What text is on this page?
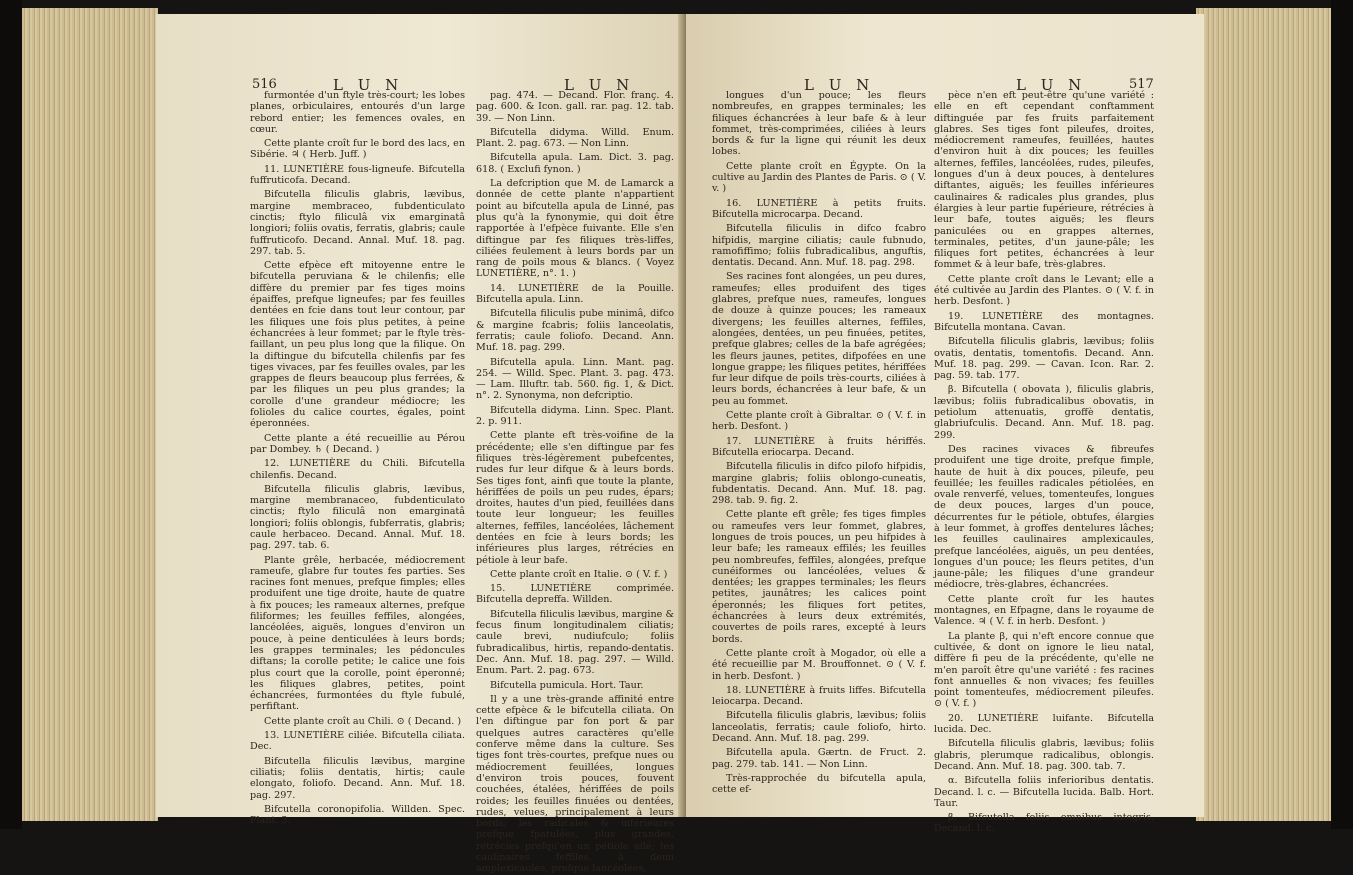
516	L U N	L U N

furmontée d'un ftyle très-court; les lobes planes, orbiculaires, entourés d'un large rebord entier; les femences ovales, en cœur.

Cette plante croît fur le bord des lacs, en Sibérie. ♃ ( Herb. Juff. )

11. LUNETIÈRE fous-ligneufe. Bifcutella fuffruticofa. Decand.

Bifcutella filiculis glabris, lævibus, margine membraceo, fubdenticulato cinctis; ftylo filiculâ vix emarginatâ longiori; foliis ovatis, ferratis, glabris; caule fuffruticofo. Decand. Annal. Muf. 18. pag. 297. tab. 5.

Cette efpèce eft mitoyenne entre le bifcutella peruviana & le chilenfis; elle diffère du premier par fes tiges moins épaiffes, prefque ligneufes; par fes feuilles dentées en fcie dans tout leur contour, par les filiques une fois plus petites, à peine échancrées à leur fommet; par le ftyle très-faillant, un peu plus long que la filique. On la diftingue du bifcutella chilenfis par fes tiges vivaces, par fes feuilles ovales, par les grappes de fleurs beaucoup plus ferrées, & par les filiques un peu plus grandes; la corolle d'une grandeur médiocre; les folioles du calice courtes, égales, point éperonnées.

Cette plante a été recueillie au Pérou par Dombey. ♄ ( Decand. )

12. LUNETIÈRE du Chili. Bifcutella chilenfis. Decand.

Bifcutella filiculis glabris, lævibus, margine membranaceo, fubdenticulato cinctis; ftylo filiculâ non emarginatâ longiori; foliis oblongis, fubferratis, glabris; caule herbaceo. Decand. Annal. Muf. 18. pag. 297. tab. 6.

Plante grêle, herbacée, médiocrement rameufe, glabre fur toutes fes parties. Ses racines font menues, prefque fimples; elles produifent une tige droite, haute de quatre à fix pouces; les rameaux alternes, prefque filiformes; les feuilles feffiles, alongées, lancéolées, aiguës, longues d'environ un pouce, à peine denticulées à leurs bords; les grappes terminales; les pédoncules diftans; la corolle petite; le calice une fois plus court que la corolle, point éperonné; les filiques glabres, petites, point échancrées, furmontées du ftyle fubulé, perfiftant.

Cette plante croît au Chili. ⊙ ( Decand. )

13. LUNETIÈRE ciliée. Bifcutella ciliata. Dec.

Bifcutella filiculis lævibus, margine ciliatis; foliis dentatis, hirtis; caule elongato, foliofo. Decand. Ann. Muf. 18. pag. 297.

Bifcutella coronopifolia. Willden. Spec. Plant. 3.

pag. 474. — Decand. Flor. franç. 4. pag. 600. & Icon. gall. rar. pag. 12. tab. 39. — Non Linn.

Bifcutella didyma. Willd. Enum. Plant. 2. pag. 673. — Non Linn.

Bifcutella apula. Lam. Dict. 3. pag. 618. ( Exclufi fynon. )

La defcription que M. de Lamarck a donnée de cette plante n'appartient point au bifcutella apula de Linné, pas plus qu'à la fynonymie, qui doit être rapportée à l'efpèce fuivante. Elle s'en diftingue par fes filiques très-liffes, ciliées feulement à leurs bords par un rang de poils mous & blancs. ( Voyez LUNETIÈRE, n°. 1. )

14. LUNETIÈRE de la Pouille. Bifcutella apula. Linn.

Bifcutella filiculis pube minimâ, difco & margine fcabris; foliis lanceolatis, ferratis; caule foliofo. Decand. Ann. Muf. 18. pag. 299.

Bifcutella apula. Linn. Mant. pag. 254. — Willd. Spec. Plant. 3. pag. 473. — Lam. Illuftr. tab. 560. fig. 1, & Dict. n°. 2. Synonyma, non defcriptio.

Bifcutella didyma. Linn. Spec. Plant. 2. p. 911.

Cette plante eft très-voifine de la précédente; elle s'en diftingue par fes filiques très-légèrement pubefcentes, rudes fur leur difque & à leurs bords. Ses tiges font, ainfi que toute la plante, hériffées de poils un peu rudes, épars; droites, hautes d'un pied, feuillées dans toute leur longueur; les feuilles alternes, feffiles, lancéolées, lâchement dentées en fcie à leurs bords; les inférieures plus larges, rétrécies en pétiole à leur bafe.

Cette plante croît en Italie. ⊙ ( V. f. )

15. LUNETIÈRE comprimée. Bifcutella depreffa. Willden.

Bifcutella filiculis lævibus, margine & fecus finum longitudinalem ciliatis; caule brevi, nudiufculo; foliis fubradicalibus, hirtis, repando-dentatis. Dec. Ann. Muf. 18. pag. 297. — Willd. Enum. Part. 2. pag. 673.

Bifcutella pumicula. Hort. Taur.

Il y a une très-grande affinité entre cette efpèce & le bifcutella ciliata. On l'en diftingue par fon port & par quelques autres caractères qu'elle conferve même dans la culture. Ses tiges font très-courtes, prefque nues ou médiocrement feuillées, longues d'environ trois pouces, fouvent couchées, étalées, hériffées de poils roides; les feuilles finuées ou dentées, rudes, velues, principalement à leurs bords; les radicales & inférieures prefque fpatulées, plus grandes, rétrécies prefqu'en un pétiole ailé; les caulinaires feffiles, à demi amplexicaules, prefque lancéolées,

L U N	L U N	517

longues d'un pouce; les fleurs nombreufes, en grappes terminales; les filiques échancrées à leur bafe & à leur fommet, très-comprimées, ciliées à leurs bords & fur la ligne qui réunit les deux lobes.

Cette plante croît en Égypte. On la cultive au Jardin des Plantes de Paris. ⊙ ( V. v. )

16. LUNETIÈRE à petits fruits. Bifcutella microcarpa. Decand.

Bifcutella filiculis in difco fcabro hifpidis, margine ciliatis; caule fubnudo, ramofiffimo; foliis fubradicalibus, anguftis, dentatis. Decand. Ann. Muf. 18. pag. 298.

Ses racines font alongées, un peu dures, rameufes; elles produifent des tiges glabres, prefque nues, rameufes, longues de douze à quinze pouces; les rameaux divergens; les feuilles alternes, feffiles, alongées, dentées, un peu finuées, petites, prefque glabres; celles de la bafe agrégées; les fleurs jaunes, petites, difpofées en une longue grappe; les filiques petites, hériffées fur leur difque de poils très-courts, ciliées à leurs bords, échancrées à leur bafe, & un peu au fommet.

Cette plante croît à Gibraltar. ⊙ ( V. f. in herb. Desfont. )

17. LUNETIÈRE à fruits hériffés. Bifcutella eriocarpa. Decand.

Bifcutella filiculis in difco pilofo hifpidis, margine glabris; foliis oblongo-cuneatis, fubdentatis. Decand. Ann. Muf. 18. pag. 298. tab. 9. fig. 2.

Cette plante eft grêle; fes tiges fimples ou rameufes vers leur fommet, glabres, longues de trois pouces, un peu hifpides à leur bafe; les rameaux effilés; les feuilles peu nombreufes, feffiles, alongées, prefque cunéiformes ou lancéolées, velues & dentées; les grappes terminales; les fleurs petites, jaunâtres; les calices point éperonnés; les filiques fort petites, échancrées à leurs deux extrémités, couvertes de poils rares, excepté à leurs bords.

Cette plante croît à Mogador, où elle a été recueillie par M. Brouffonnet. ⊙ ( V. f. in herb. Desfont. )

18. LUNETIÈRE à fruits liffes. Bifcutella leiocarpa. Decand.

Bifcutella filiculis glabris, lævibus; foliis lanceolatis, ferratis; caule foliofo, hirto. Decand. Ann. Muf. 18. pag. 299.

Bifcutella apula. Gærtn. de Fruct. 2. pag. 279. tab. 141. — Non Linn.

Très-rapprochée du bifcutella apula, cette ef-

pèce n'en eft peut-être qu'une variété : elle en eft cependant conftamment diftinguée par fes fruits parfaitement glabres. Ses tiges font pileufes, droites, médiocrement rameufes, feuillées, hautes d'environ huit à dix pouces; les feuilles alternes, feffiles, lancéolées, rudes, pileufes, longues d'un à deux pouces, à dentelures diftantes, aiguës; les feuilles inférieures caulinaires & radicales plus grandes, plus élargies à leur partie fupérieure, rétrécies à leur bafe, toutes aiguës; les fleurs paniculées ou en grappes alternes, terminales, petites, d'un jaune-pâle; les filiques fort petites, échancrées à leur fommet & à leur bafe, très-glabres.

Cette plante croît dans le Levant; elle a été cultivée au Jardin des Plantes. ⊙ ( V. f. in herb. Desfont. )

19. LUNETIÈRE des montagnes. Bifcutella montana. Cavan.

Bifcutella filiculis glabris, lævibus; foliis ovatis, dentatis, tomentofis. Decand. Ann. Muf. 18. pag. 299. — Cavan. Icon. Rar. 2. pag. 59. tab. 177.

β. Bifcutella ( obovata ), filiculis glabris, lævibus; foliis fubradicalibus obovatis, in petiolum attenuatis, groffè dentatis, glabriufculis. Decand. Ann. Muf. 18. pag. 299.

Des racines vivaces & fibreufes produifent une tige droite, prefque fimple, haute de huit à dix pouces, pileufe, peu feuillée; les feuilles radicales pétiolées, en ovale renverfé, velues, tomenteufes, longues de deux pouces, larges d'un pouce, décurrentes fur le pétiole, obtufes, élargies à leur fommet, à groffes dentelures lâches; les feuilles caulinaires amplexicaules, prefque lancéolées, aiguës, un peu dentées, longues d'un pouce; les fleurs petites, d'un jaune-pâle; les filiques d'une grandeur médiocre, très-glabres, échancrées.

Cette plante croît fur les hautes montagnes, en Efpagne, dans le royaume de Valence. ♃ ( V. f. in herb. Desfont. )

La plante β, qui n'eft encore connue que cultivée, & dont on ignore le lieu natal, diffère fi peu de la précédente, qu'elle ne m'en paroît être qu'une variété : fes racines font annuelles & non vivaces; fes feuilles point tomenteufes, médiocrement pileufes. ⊙ ( V. f. )

20. LUNETIÈRE luifante. Bifcutella lucida. Dec.

Bifcutella filiculis glabris, lævibus; foliis glabris, plerumque radicalibus, oblongis. Decand. Ann. Muf. 18. pag. 300. tab. 7.

α. Bifcutella foliis inferioribus dentatis. Decand. l. c. — Bifcutella lucida. Balb. Hort. Taur.

β. Bifcutella foliis omnibus integris. Decand. l. c.
